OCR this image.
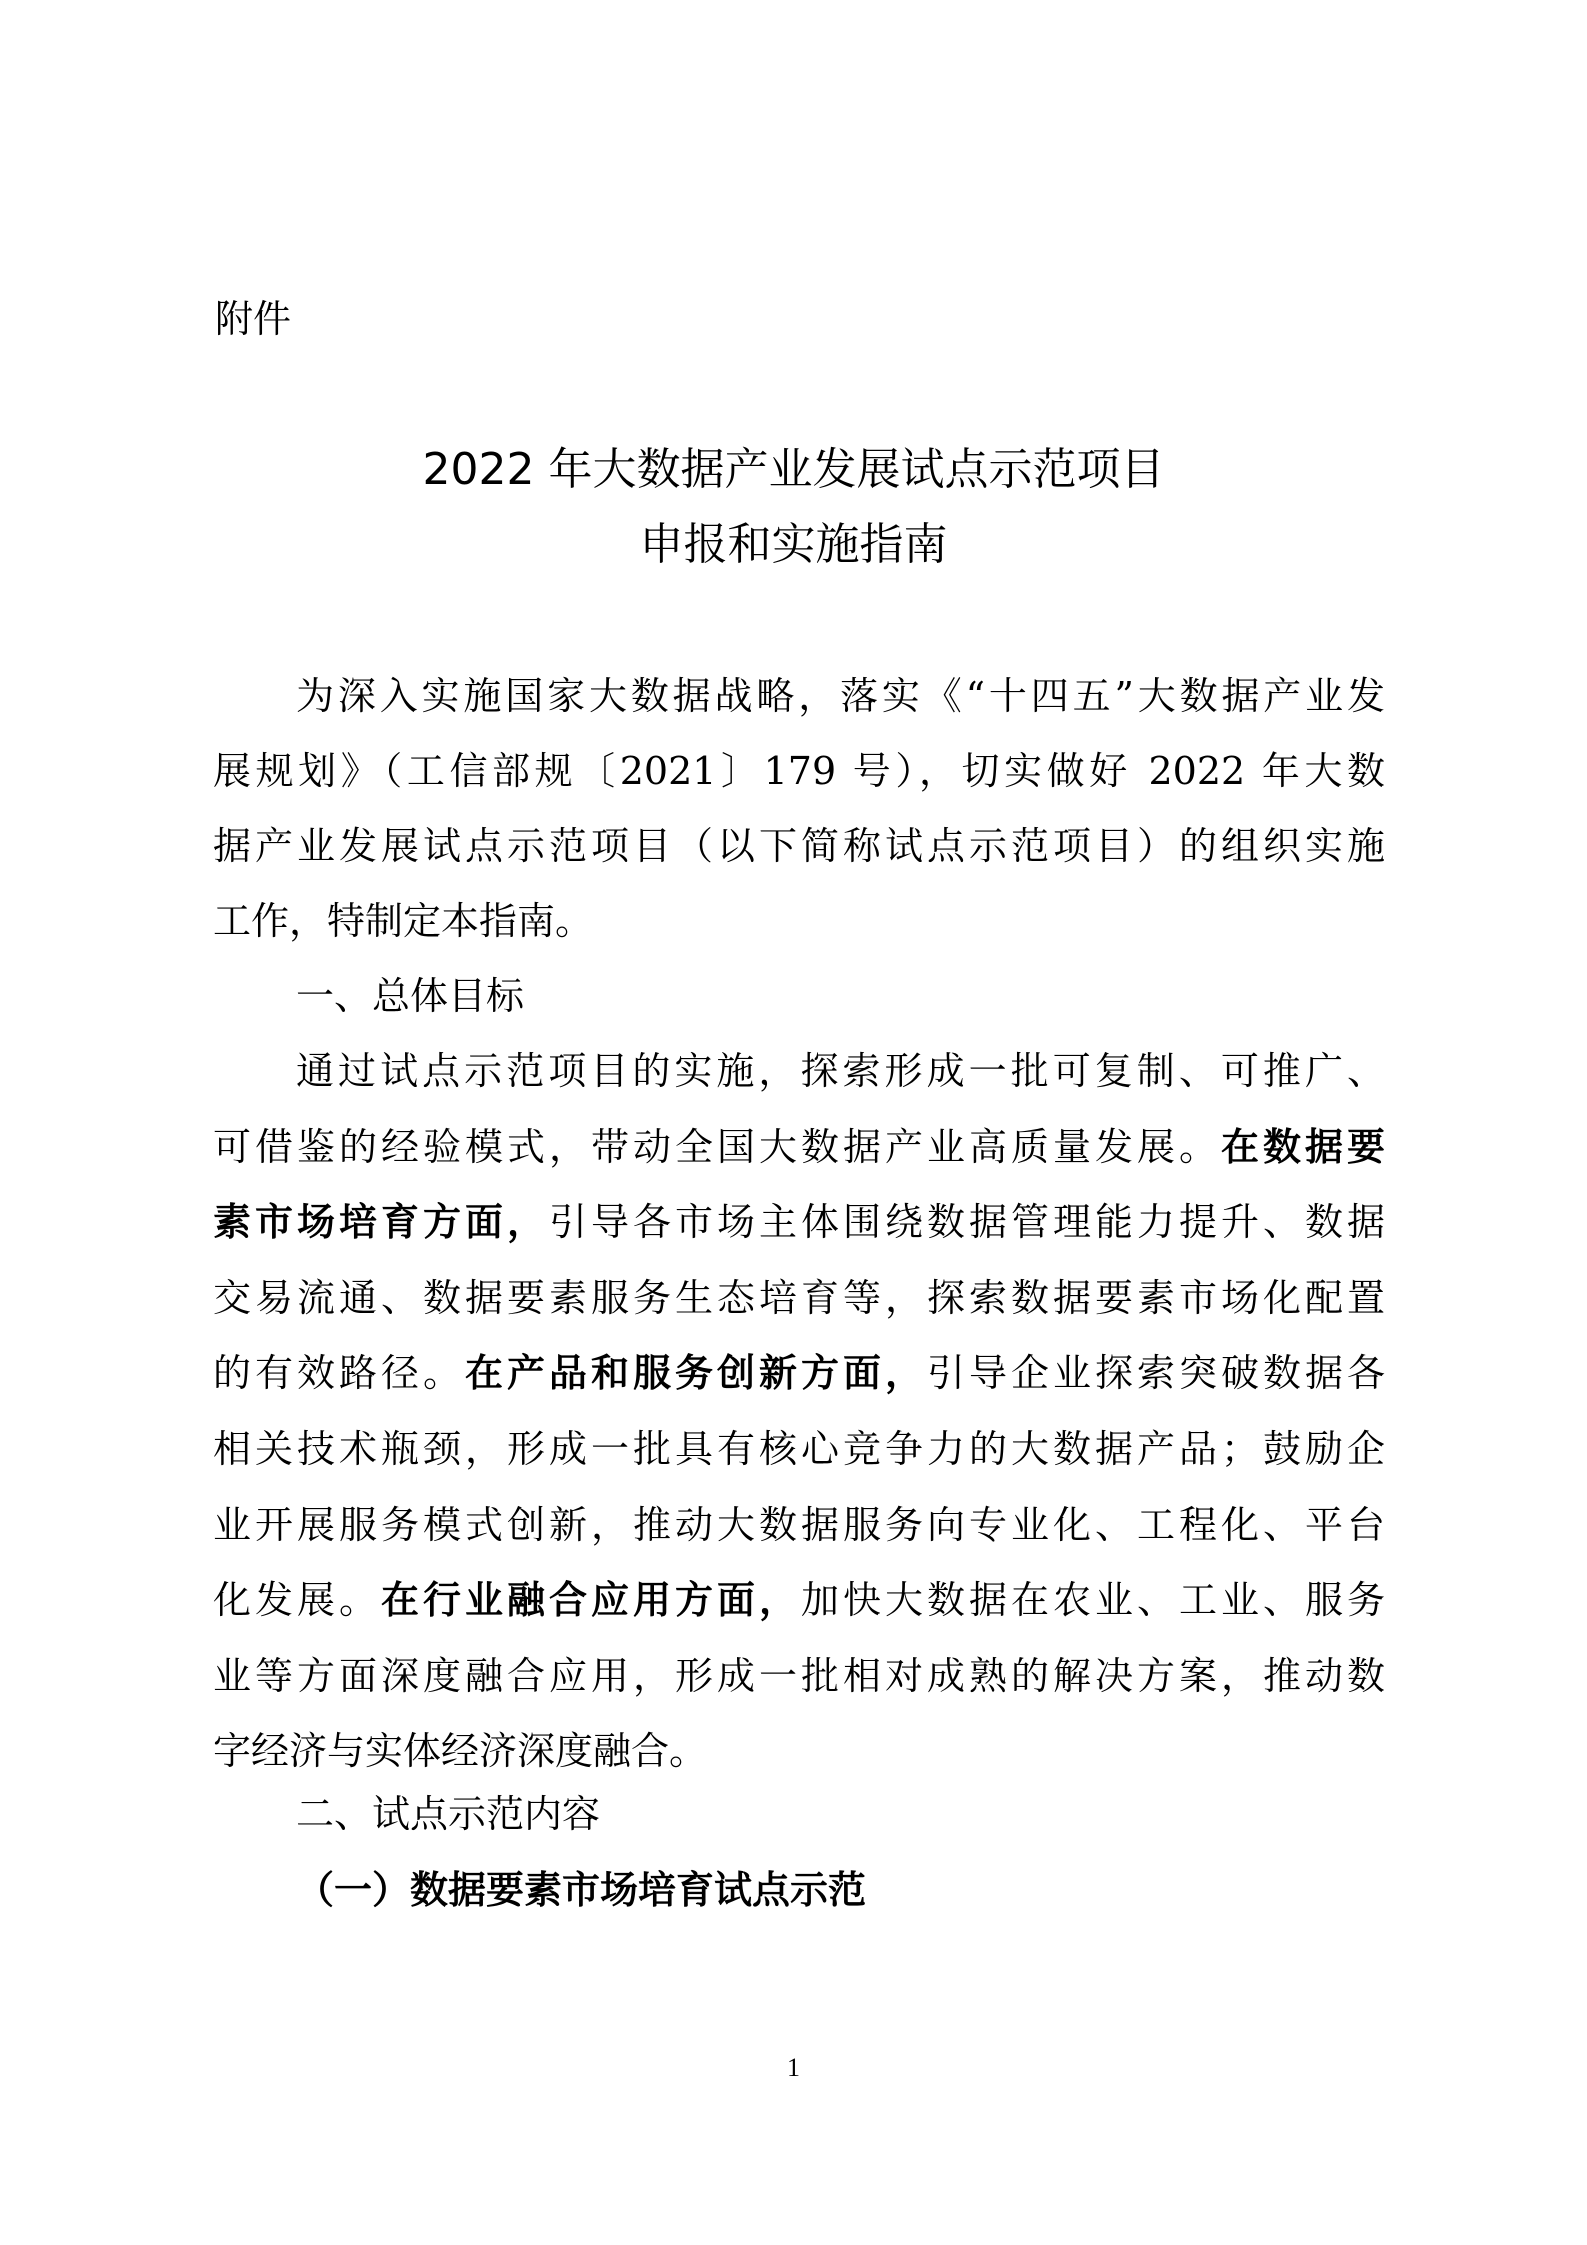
附件
2022 年大数据产业发展试点示范项目
申报和实施指南
为深入实施国家大数据战略，落实《“十四五”大数据产业发
展规划》（工信部规〔2021〕179 号），切实做好 2022 年大数
据产业发展试点示范项目（以下简称试点示范项目）的组织实施
工作，特制定本指南。
一、总体目标
通过试点示范项目的实施，探索形成一批可复制、可推广、
可借鉴的经验模式，带动全国大数据产业高质量发展。在数据要
素市场培育方面，引导各市场主体围绕数据管理能力提升、数据
交易流通、数据要素服务生态培育等，探索数据要素市场化配置
的有效路径。在产品和服务创新方面，引导企业探索突破数据各
相关技术瓶颈，形成一批具有核心竞争力的大数据产品；鼓励企
业开展服务模式创新，推动大数据服务向专业化、工程化、平台
化发展。在行业融合应用方面，加快大数据在农业、工业、服务
业等方面深度融合应用，形成一批相对成熟的解决方案，推动数
字经济与实体经济深度融合。
二、试点示范内容
（一）数据要素市场培育试点示范
1
